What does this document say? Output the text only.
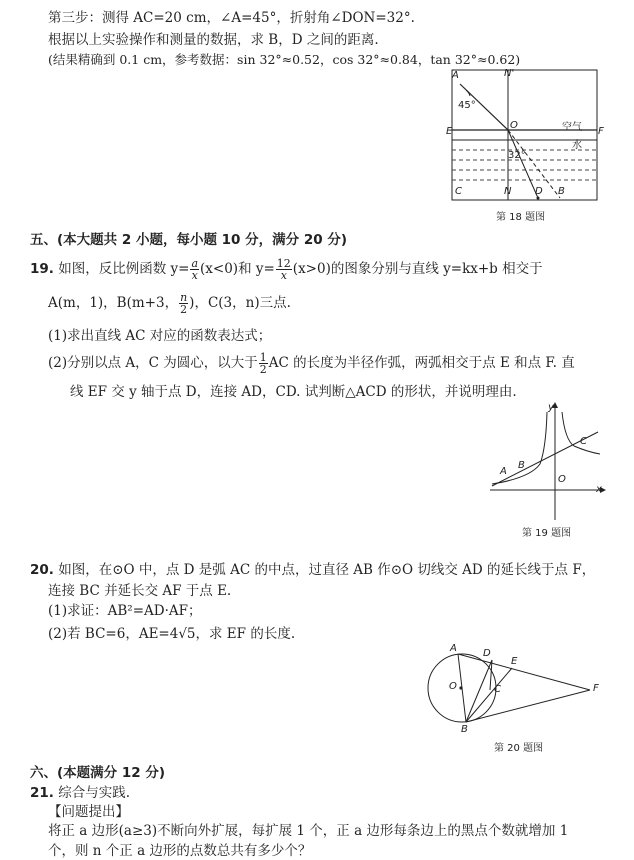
第三步：测得 AC=20 cm，∠A=45°，折射角∠DON=32°.
根据以上实验操作和测量的数据，求 B，D 之间的距离.
(结果精确到 0.1 cm，参考数据：sin 32°≈0.52，cos 32°≈0.84，tan 32°≈0.62)
A	N'
45°
O	空气
E	F
水
32°
C	N D B
第 18 题图
五、(本大题共 2 小题，每小题 10 分，满分 20 分)
19. 如图，反比例函数 $y= \frac{a}{x} (x<0)$和 $y= \frac{12}{x} (x>0)$的图象分别与直线 y=kx+b 相交于
A(m，1)，B(m+3， $\frac{n}{2}$ )，C(3，n)三点.
(1)求出直线 AC 对应的函数表达式；
(2)分别以点 A，C 为圆心，以大于 $\frac{1}{2}$ AC 的长度为半径作弧，两弧相交于点 E 和点 F. 直
线 EF 交 y 轴于点 D，连接 AD，CD. 试判断△ACD 的形状，并说明理由.
y
A
B
O
C
x
第 19 题图
20. 如图，在⊙O 中，点 D 是弧 AC 的中点，过直径 AB 作⊙O 切线交 AD 的延长线于点 F，
连接 BC 并延长交 AF 于点 E.
(1)求证：AB²=AD·AF；
(2)若 BC=6，AE=4√5，求 EF 的长度.
A	D
E
O	C	F
B
第 20 题图
六、(本题满分 12 分)
21. 综合与实践.
【问题提出】
将正 a 边形(a≥3)不断向外扩展，每扩展 1 个，正 a 边形每条边上的黑点个数就增加 1
个，则 n 个正 a 边形的点数总共有多少个？
